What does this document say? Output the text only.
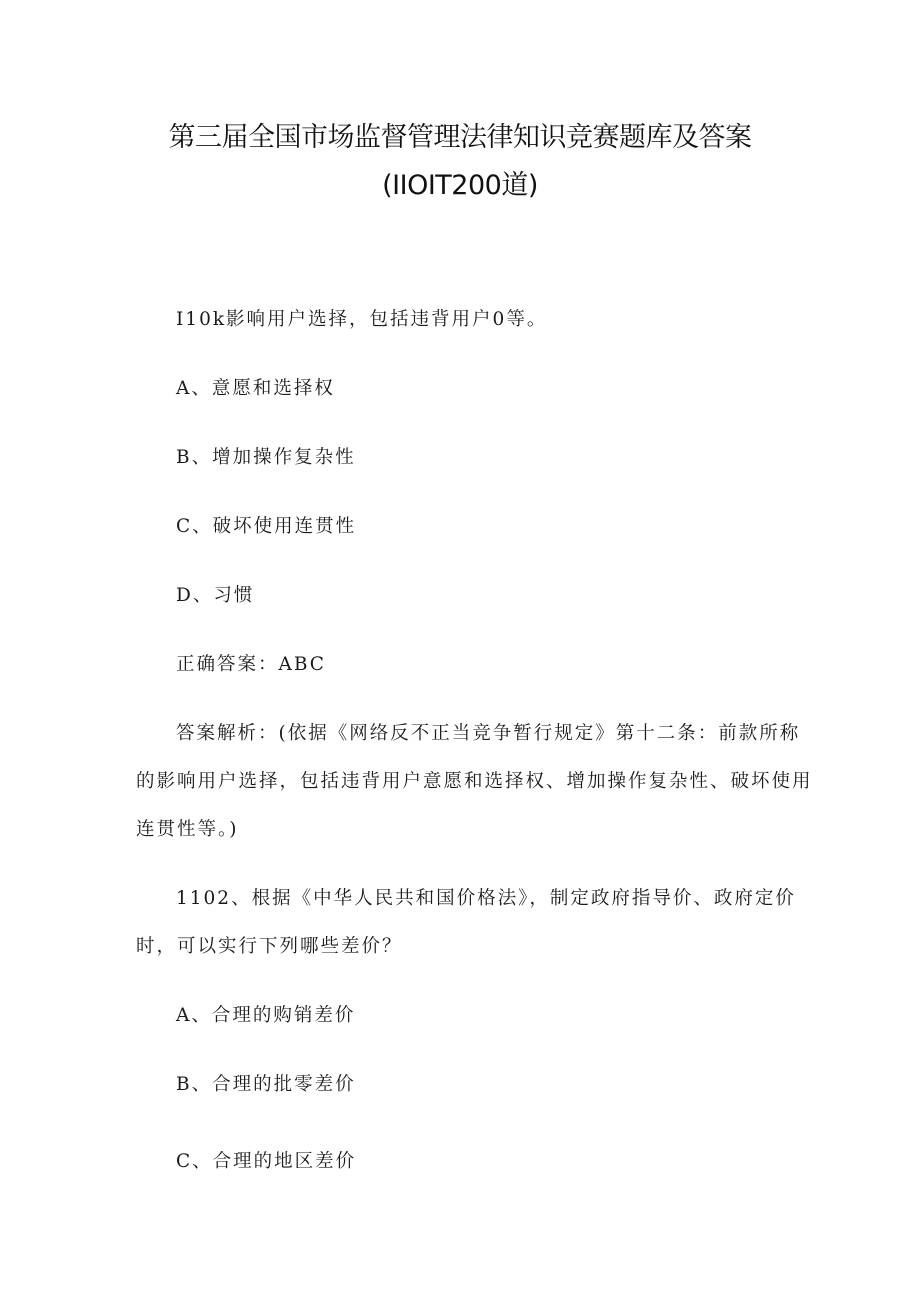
第三届全国市场监督管理法律知识竞赛题库及答案
(IIOIT200道)
I10k影响用户选择，包括违背用户0等。
A、意愿和选择权
B、增加操作复杂性
C、破坏使用连贯性
D、习惯
正确答案：ABC
答案解析：(依据《网络反不正当竞争暂行规定》第十二条：前款所称
的影响用户选择，包括违背用户意愿和选择权、增加操作复杂性、破坏使用
连贯性等。)
1102、根据《中华人民共和国价格法》，制定政府指导价、政府定价
时，可以实行下列哪些差价？
A、合理的购销差价
B、合理的批零差价
C、合理的地区差价
